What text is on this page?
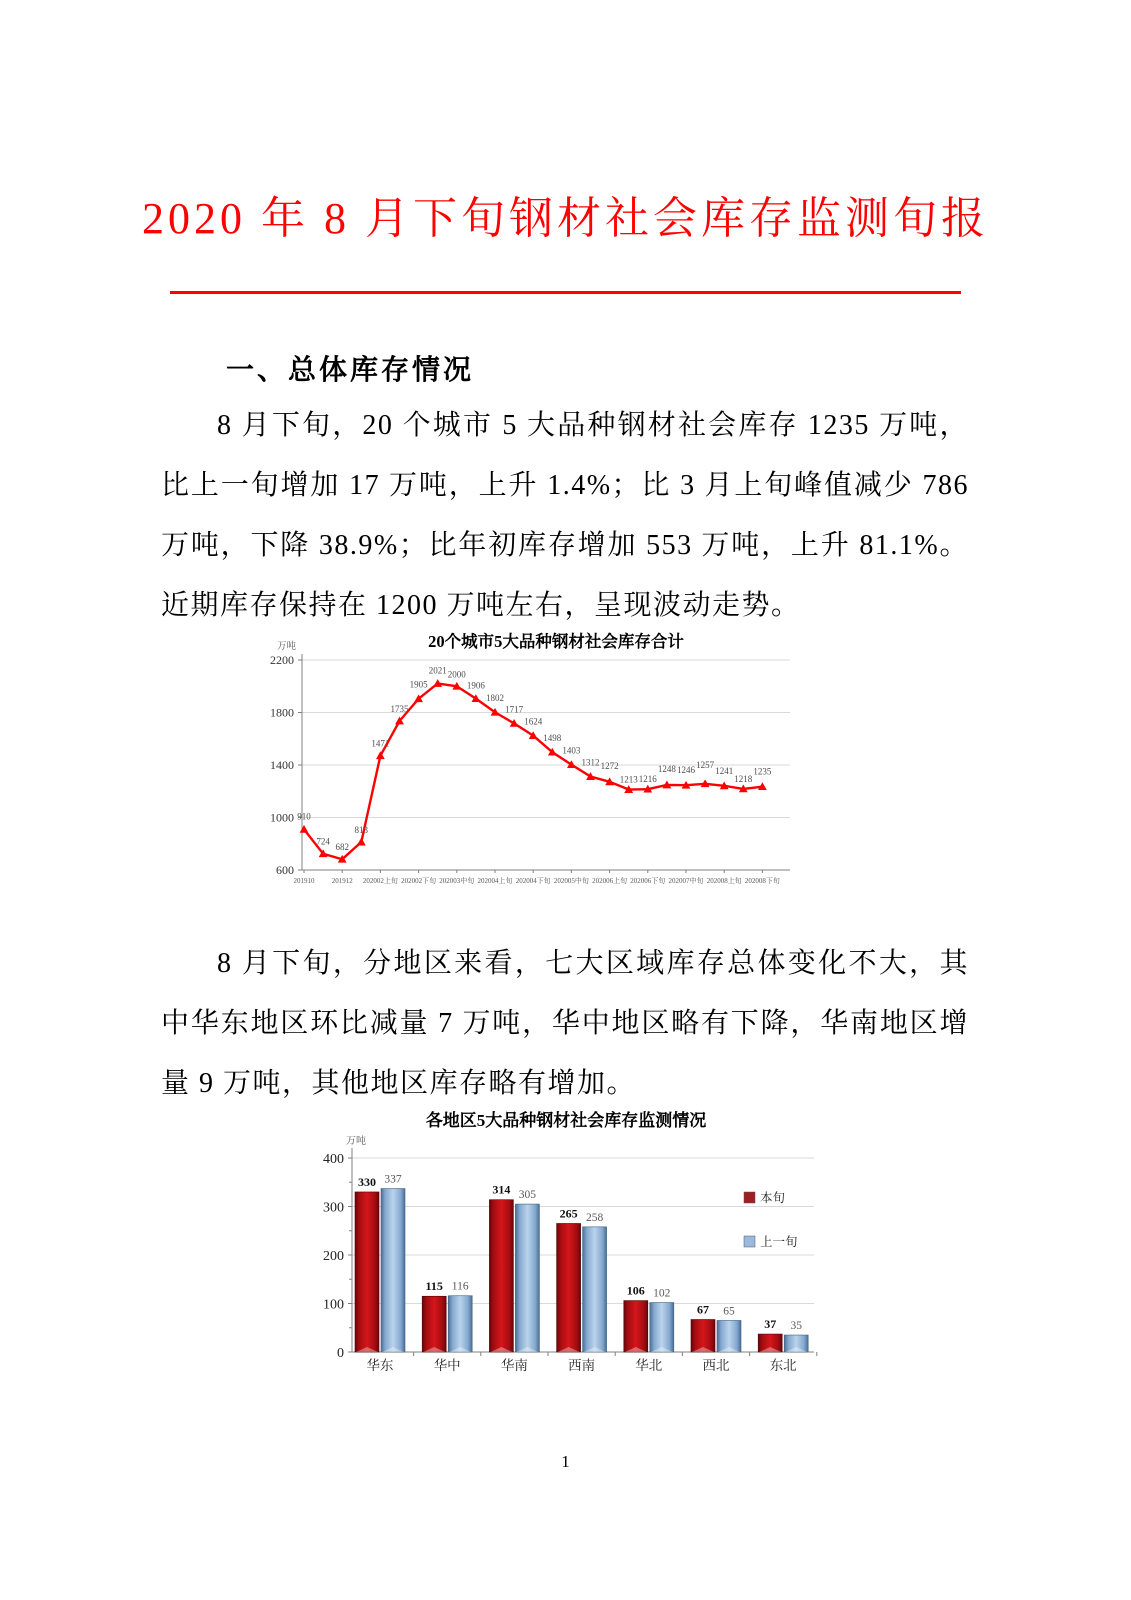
2020 年 8 月下旬钢材社会库存监测旬报
一、总体库存情况
8 月下旬，20 个城市 5 大品种钢材社会库存 1235 万吨，比上一旬增加 17 万吨，上升 1.4%；比 3 月上旬峰值减少 786 万吨，下降 38.9%；比年初库存增加 553 万吨，上升 81.1%。近期库存保持在 1200 万吨左右，呈现波动走势。
600
1000
1400
1800
2200
万吨	20个城市5大品种钢材社会库存合计
910
724
682
813
1471
1735
1905
2021 2000
1906
1802
1717
1624
1498
1403
1312 1272
1213 1216
1248 1246
1257
1241
1218
1235
201910 201912 202002上旬 202002下旬 202003中旬 202004上旬 202004下旬 202005中旬 202006上旬 202006下旬 202007中旬 202008上旬 202008下旬
8 月下旬，分地区来看，七大区域库存总体变化不大，其中华东地区环比减量 7 万吨，华中地区略有下降，华南地区增量 9 万吨，其他地区库存略有增加。
0
100
200
300
400
万吨
各地区5大品种钢材社会库存监测情况
330
115
314
265
106
67
37
337
116
305
258
102
65
35
华东	华中	华南	西南	华北	西北	东北
本旬
上一旬
1
